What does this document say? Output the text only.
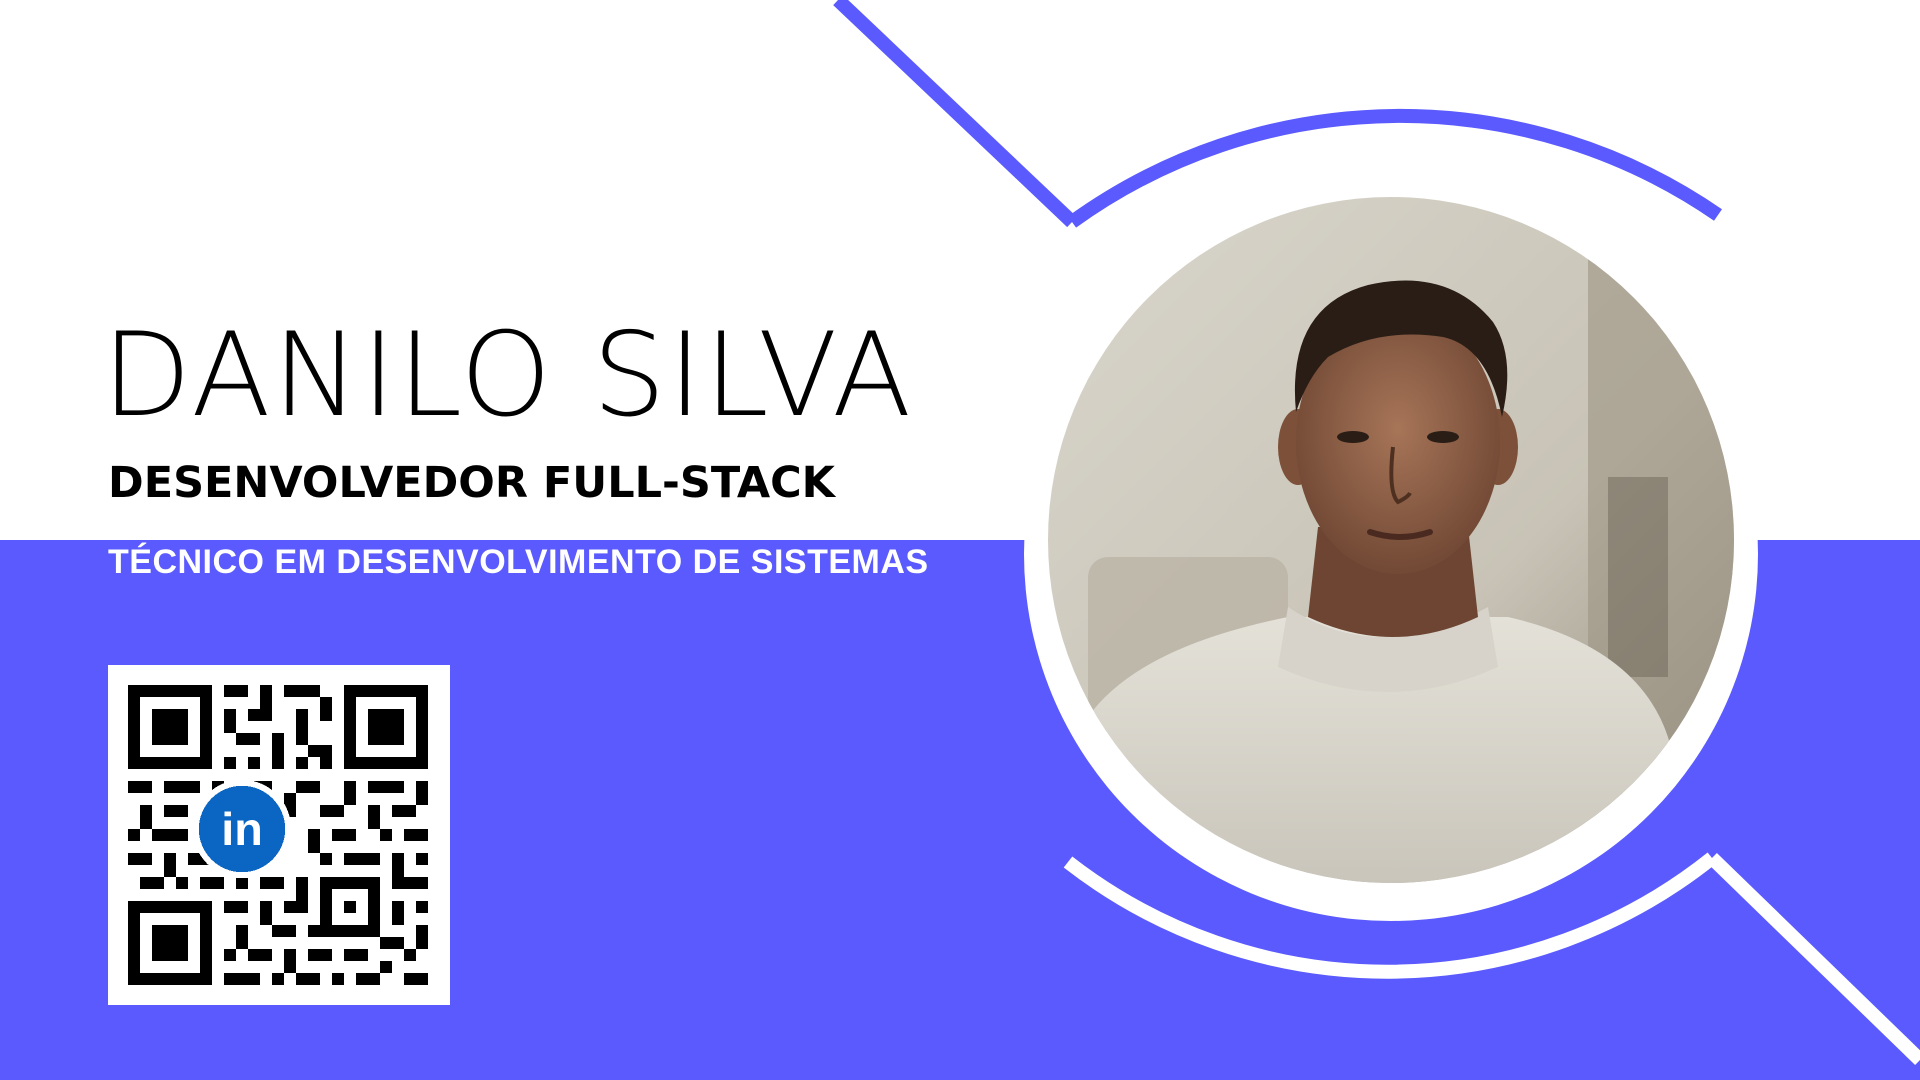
DANILO SILVA
DESENVOLVEDOR FULL-STACK
TÉCNICO EM DESENVOLVIMENTO DE SISTEMAS
in
